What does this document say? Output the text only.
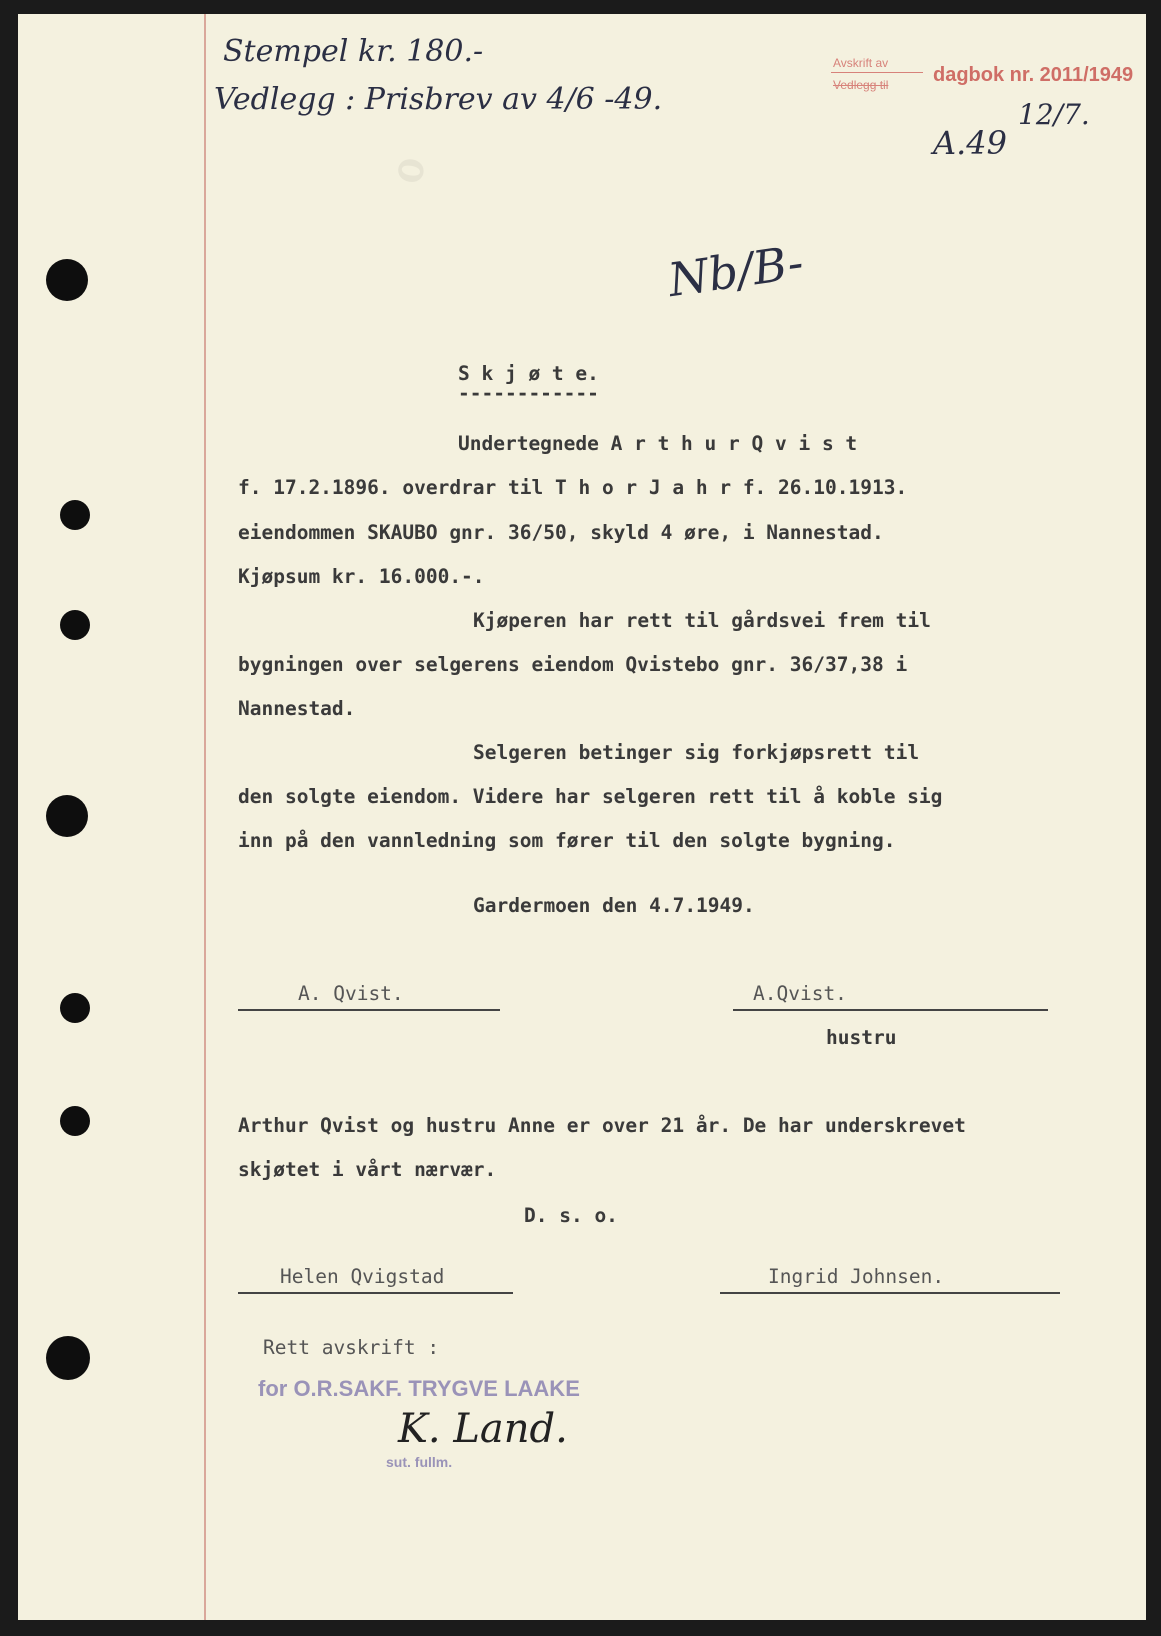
ℴ
Stempel kr. 180.-
Vedlegg : Prisbrev av 4/6 -49.
Avskrift av
Vedlegg til dagbok nr. 2011/1949
12/7.
A.49
Nb/B-
S k j ø t e.
------------
Undertegnede A r t h u r Q v i s t
f. 17.2.1896. overdrar til T h o r J a h r f. 26.10.1913.
eiendommen SKAUBO gnr. 36/50, skyld 4 øre, i Nannestad.
Kjøpsum kr. 16.000.-.
Kjøperen har rett til gårdsvei frem til
bygningen over selgerens eiendom Qvistebo gnr. 36/37,38 i
Nannestad.
Selgeren betinger sig forkjøpsrett til
den solgte eiendom. Videre har selgeren rett til å koble sig
inn på den vannledning som fører til den solgte bygning.
Gardermoen den 4.7.1949.
A. Qvist.	A.Qvist.
hustru
Arthur Qvist og hustru Anne er over 21 år. De har underskrevet
skjøtet i vårt nærvær.
D. s. o.
Helen Qvigstad	Ingrid Johnsen.
Rett avskrift :
for O.R.SAKF. TRYGVE LAAKE
K. Land.
sut. fullm.
